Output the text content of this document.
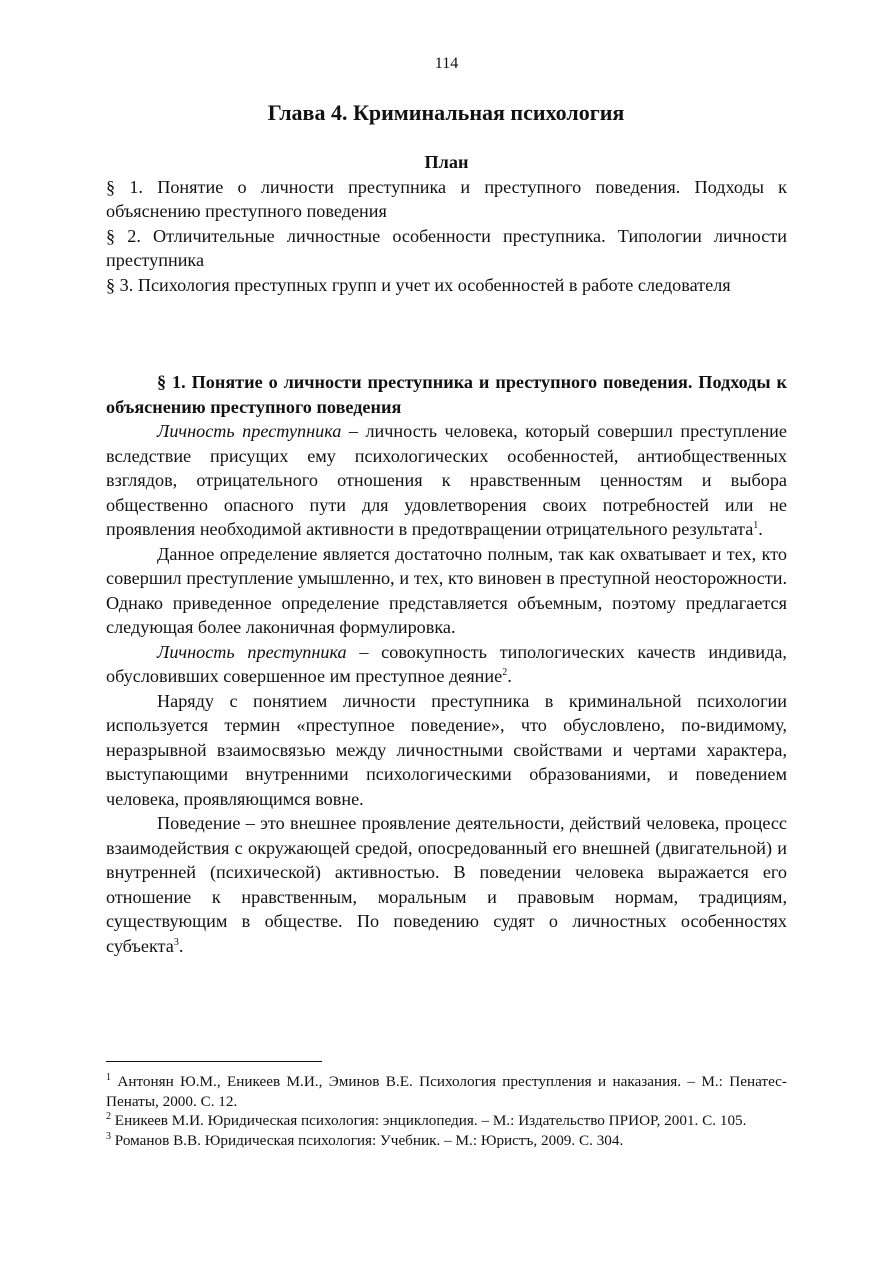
114
Глава 4. Криминальная психология

План

§ 1. Понятие о личности преступника и преступного поведения. Подходы к объяснению преступного поведения

§ 2. Отличительные личностные особенности преступника. Типологии личности преступника

§ 3. Психология преступных групп и учет их особенностей в работе следователя

§ 1. Понятие о личности преступника и преступного поведения. Подходы к объяснению преступного поведения

Личность преступника – личность человека, который совершил преступление вследствие присущих ему психологических особенностей, антиобщественных взглядов, отрицательного отношения к нравственным ценностям и выбора общественно опасного пути для удовлетворения своих потребностей или не проявления необходимой активности в предотвращении отрицательного результата$^1$.

Данное определение является достаточно полным, так как охватывает и тех, кто совершил преступление умышленно, и тех, кто виновен в преступной неосторожности. Однако приведенное определение представляется объемным, поэтому предлагается следующая более лаконичная формулировка.

Личность преступника – совокупность типологических качеств индивида, обусловивших совершенное им преступное деяние$^2$.

Наряду с понятием личности преступника в криминальной психологии используется термин «преступное поведение», что обусловлено, по-видимому, неразрывной взаимосвязью между личностными свойствами и чертами характера, выступающими внутренними психологическими образованиями, и поведением человека, проявляющимся вовне.

Поведение – это внешнее проявление деятельности, действий человека, процесс взаимодействия с окружающей средой, опосредованный его внешней (двигательной) и внутренней (психической) активностью. В поведении человека выражается его отношение к нравственным, моральным и правовым нормам, традициям, существующим в обществе. По поведению судят о личностных особенностях субъекта$^3$.

$^1$ Антонян Ю.М., Еникеев М.И., Эминов В.Е. Психология преступления и наказания. – М.: Пенатес-Пенаты, 2000. С. 12.

$^2$ Еникеев М.И. Юридическая психология: энциклопедия. – М.: Издательство ПРИОР, 2001. С. 105.

$^3$ Романов В.В. Юридическая психология: Учебник. – М.: Юристъ, 2009. С. 304.
